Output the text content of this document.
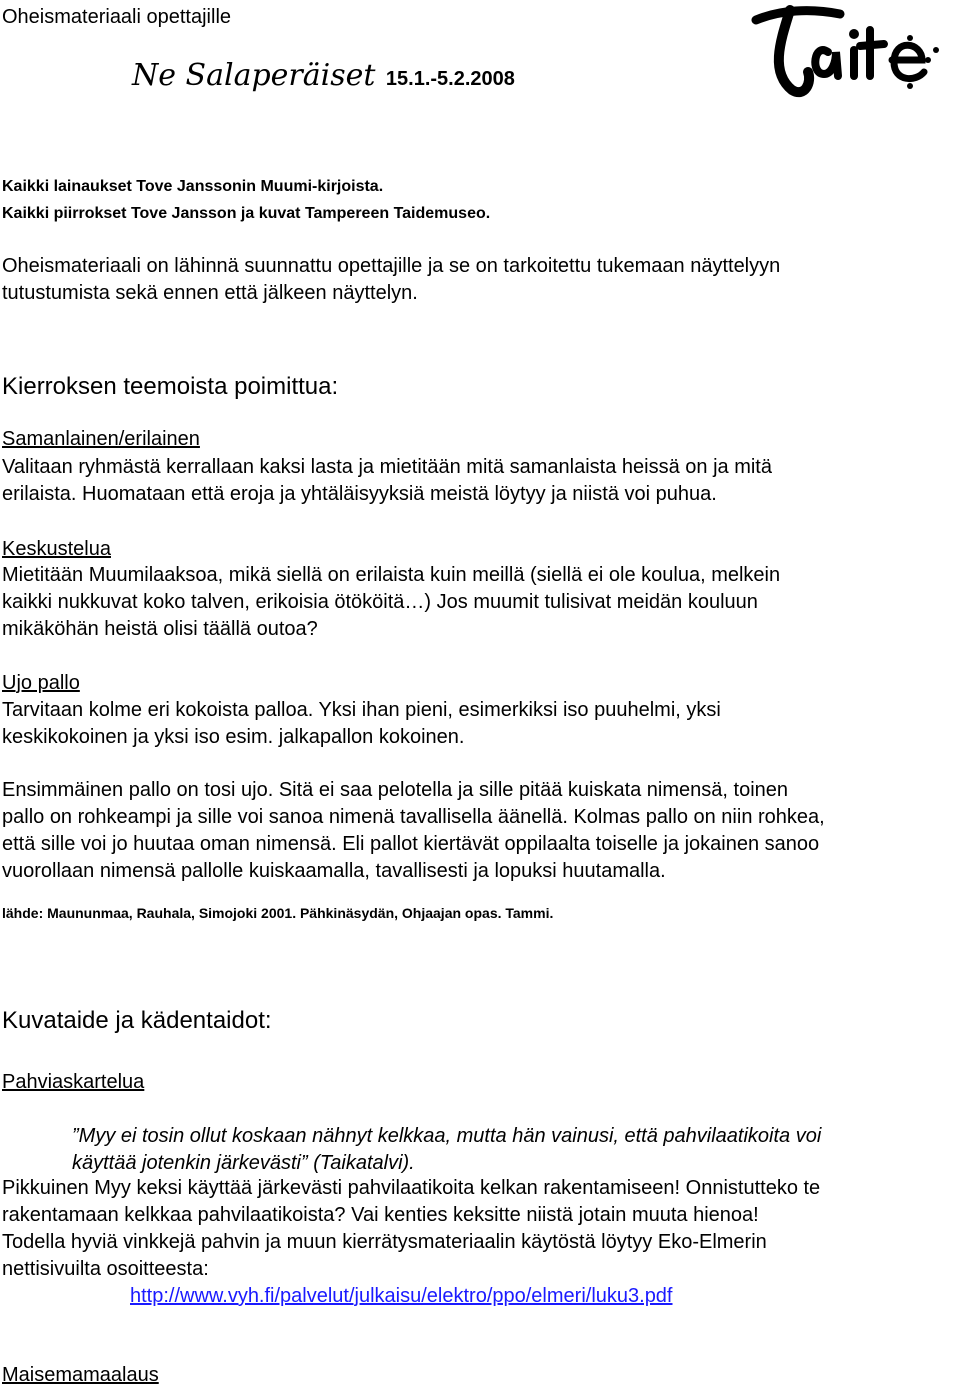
Oheismateriaali opettajille
Ne Salaperäiset 15.1.-5.2.2008
Kaikki lainaukset Tove Janssonin Muumi-kirjoista.
Kaikki piirrokset Tove Jansson ja kuvat Tampereen Taidemuseo.
Oheismateriaali on lähinnä suunnattu opettajille ja se on tarkoitettu tukemaan näyttelyyn
tutustumista sekä ennen että jälkeen näyttelyn.
Kierroksen teemoista poimittua:
Samanlainen/erilainen
Valitaan ryhmästä kerrallaan kaksi lasta ja mietitään mitä samanlaista heissä on ja mitä
erilaista. Huomataan että eroja ja yhtäläisyyksiä meistä löytyy ja niistä voi puhua.
Keskustelua
Mietitään Muumilaaksoa, mikä siellä on erilaista kuin meillä (siellä ei ole koulua, melkein
kaikki nukkuvat koko talven, erikoisia ötököitä…) Jos muumit tulisivat meidän kouluun
mikäköhän heistä olisi täällä outoa?
Ujo pallo
Tarvitaan kolme eri kokoista palloa. Yksi ihan pieni, esimerkiksi iso puuhelmi, yksi
keskikokoinen ja yksi iso esim. jalkapallon kokoinen.
Ensimmäinen pallo on tosi ujo. Sitä ei saa pelotella ja sille pitää kuiskata nimensä, toinen
pallo on rohkeampi ja sille voi sanoa nimenä tavallisella äänellä. Kolmas pallo on niin rohkea,
että sille voi jo huutaa oman nimensä. Eli pallot kiertävät oppilaalta toiselle ja jokainen sanoo
vuorollaan nimensä pallolle kuiskaamalla, tavallisesti ja lopuksi huutamalla.
lähde: Maununmaa, Rauhala, Simojoki 2001. Pähkinäsydän, Ohjaajan opas. Tammi.
Kuvataide ja kädentaidot:
Pahviaskartelua
”Myy ei tosin ollut koskaan nähnyt kelkkaa, mutta hän vainusi, että pahvilaatikoita voi
käyttää jotenkin järkevästi” (Taikatalvi).
Pikkuinen Myy keksi käyttää järkevästi pahvilaatikoita kelkan rakentamiseen! Onnistutteko te
rakentamaan kelkkaa pahvilaatikoista? Vai kenties keksitte niistä jotain muuta hienoa!
Todella hyviä vinkkejä pahvin ja muun kierrätysmateriaalin käytöstä löytyy Eko-Elmerin
nettisivuilta osoitteesta:
http://www.vyh.fi/palvelut/julkaisu/elektro/ppo/elmeri/luku3.pdf
Maisemamaalaus
